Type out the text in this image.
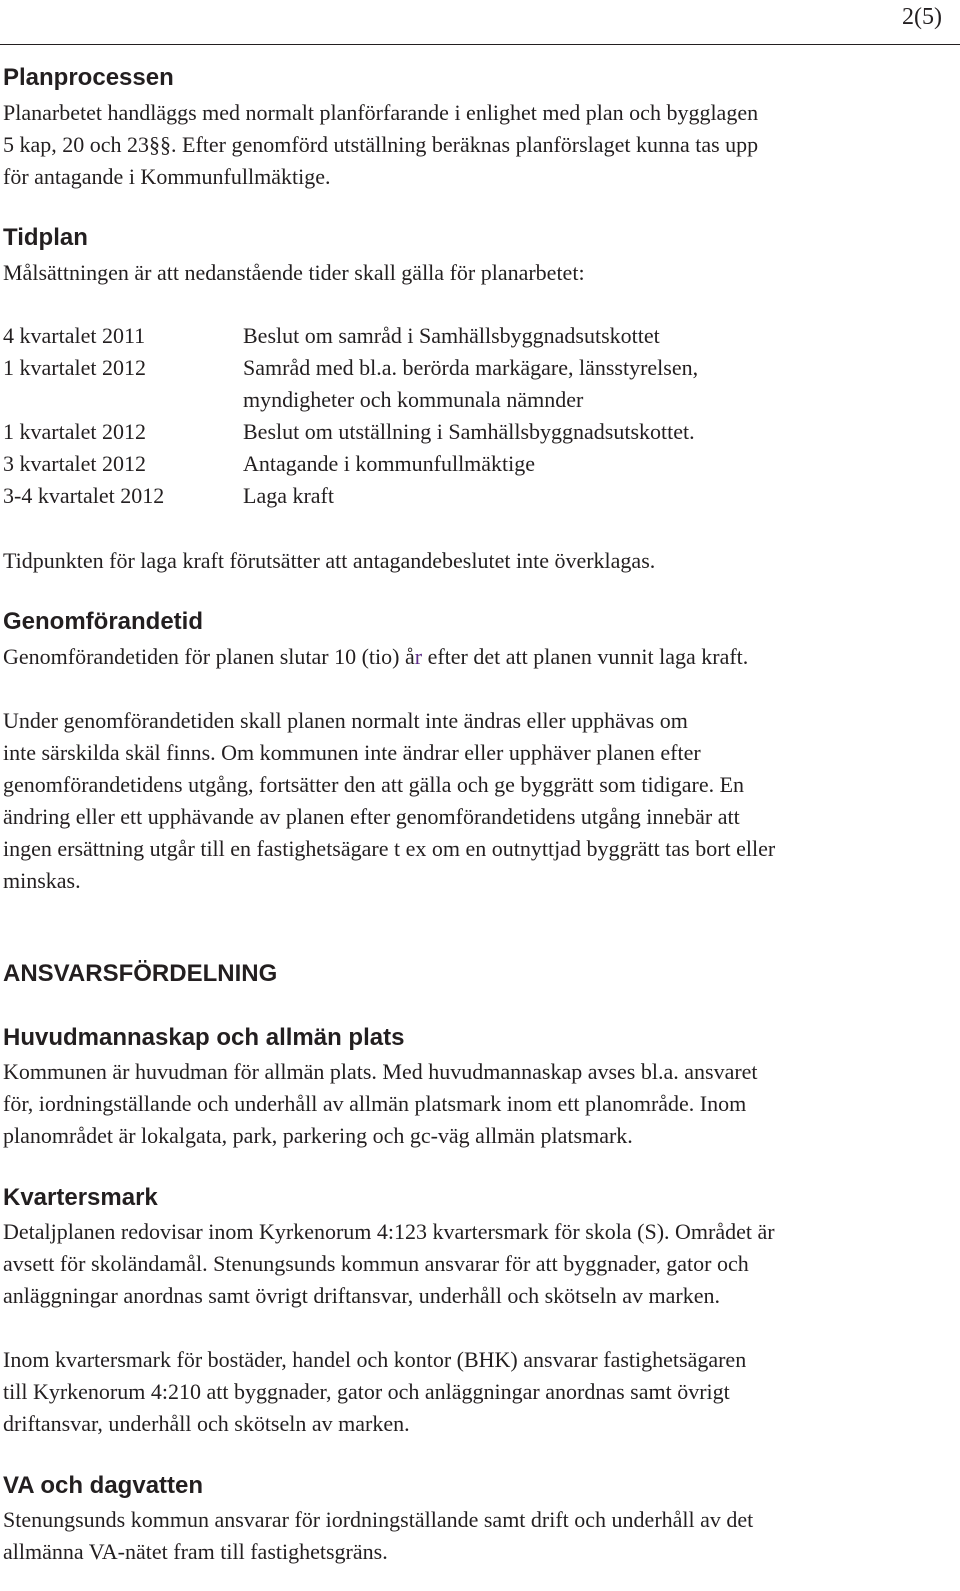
2(5)
Planprocessen
Planarbetet handläggs med normalt planförfarande i enlighet med plan och bygglagen
5 kap, 20 och 23§§. Efter genomförd utställning beräknas planförslaget kunna tas upp
för antagande i Kommunfullmäktige.
Tidplan
Målsättningen är att nedanstående tider skall gälla för planarbetet:
4 kvartalet 2011	Beslut om samråd i Samhällsbyggnadsutskottet
1 kvartalet 2012	Samråd med bl.a. berörda markägare, länsstyrelsen,
myndigheter och kommunala nämnder
1 kvartalet 2012	Beslut om utställning i Samhällsbyggnadsutskottet.
3 kvartalet 2012	Antagande i kommunfullmäktige
3-4 kvartalet 2012	Laga kraft
Tidpunkten för laga kraft förutsätter att antagandebeslutet inte överklagas.
Genomförandetid
Genomförandetiden för planen slutar 10 (tio) år efter det att planen vunnit laga kraft.
Under genomförandetiden skall planen normalt inte ändras eller upphävas om
inte särskilda skäl finns. Om kommunen inte ändrar eller upphäver planen efter
genomförandetidens utgång, fortsätter den att gälla och ge byggrätt som tidigare. En
ändring eller ett upphävande av planen efter genomförandetidens utgång innebär att
ingen ersättning utgår till en fastighetsägare t ex om en outnyttjad byggrätt tas bort eller
minskas.
ANSVARSFÖRDELNING
Huvudmannaskap och allmän plats
Kommunen är huvudman för allmän plats. Med huvudmannaskap avses bl.a. ansvaret
för, iordningställande och underhåll av allmän platsmark inom ett planområde. Inom
planområdet är lokalgata, park, parkering och gc-väg allmän platsmark.
Kvartersmark
Detaljplanen redovisar inom Kyrkenorum 4:123 kvartersmark för skola (S). Området är
avsett för skoländamål. Stenungsunds kommun ansvarar för att byggnader, gator och
anläggningar anordnas samt övrigt driftansvar, underhåll och skötseln av marken.
Inom kvartersmark för bostäder, handel och kontor (BHK) ansvarar fastighetsägaren
till Kyrkenorum 4:210 att byggnader, gator och anläggningar anordnas samt övrigt
driftansvar, underhåll och skötseln av marken.
VA och dagvatten
Stenungsunds kommun ansvarar för iordningställande samt drift och underhåll av det
allmänna VA-nätet fram till fastighetsgräns.
